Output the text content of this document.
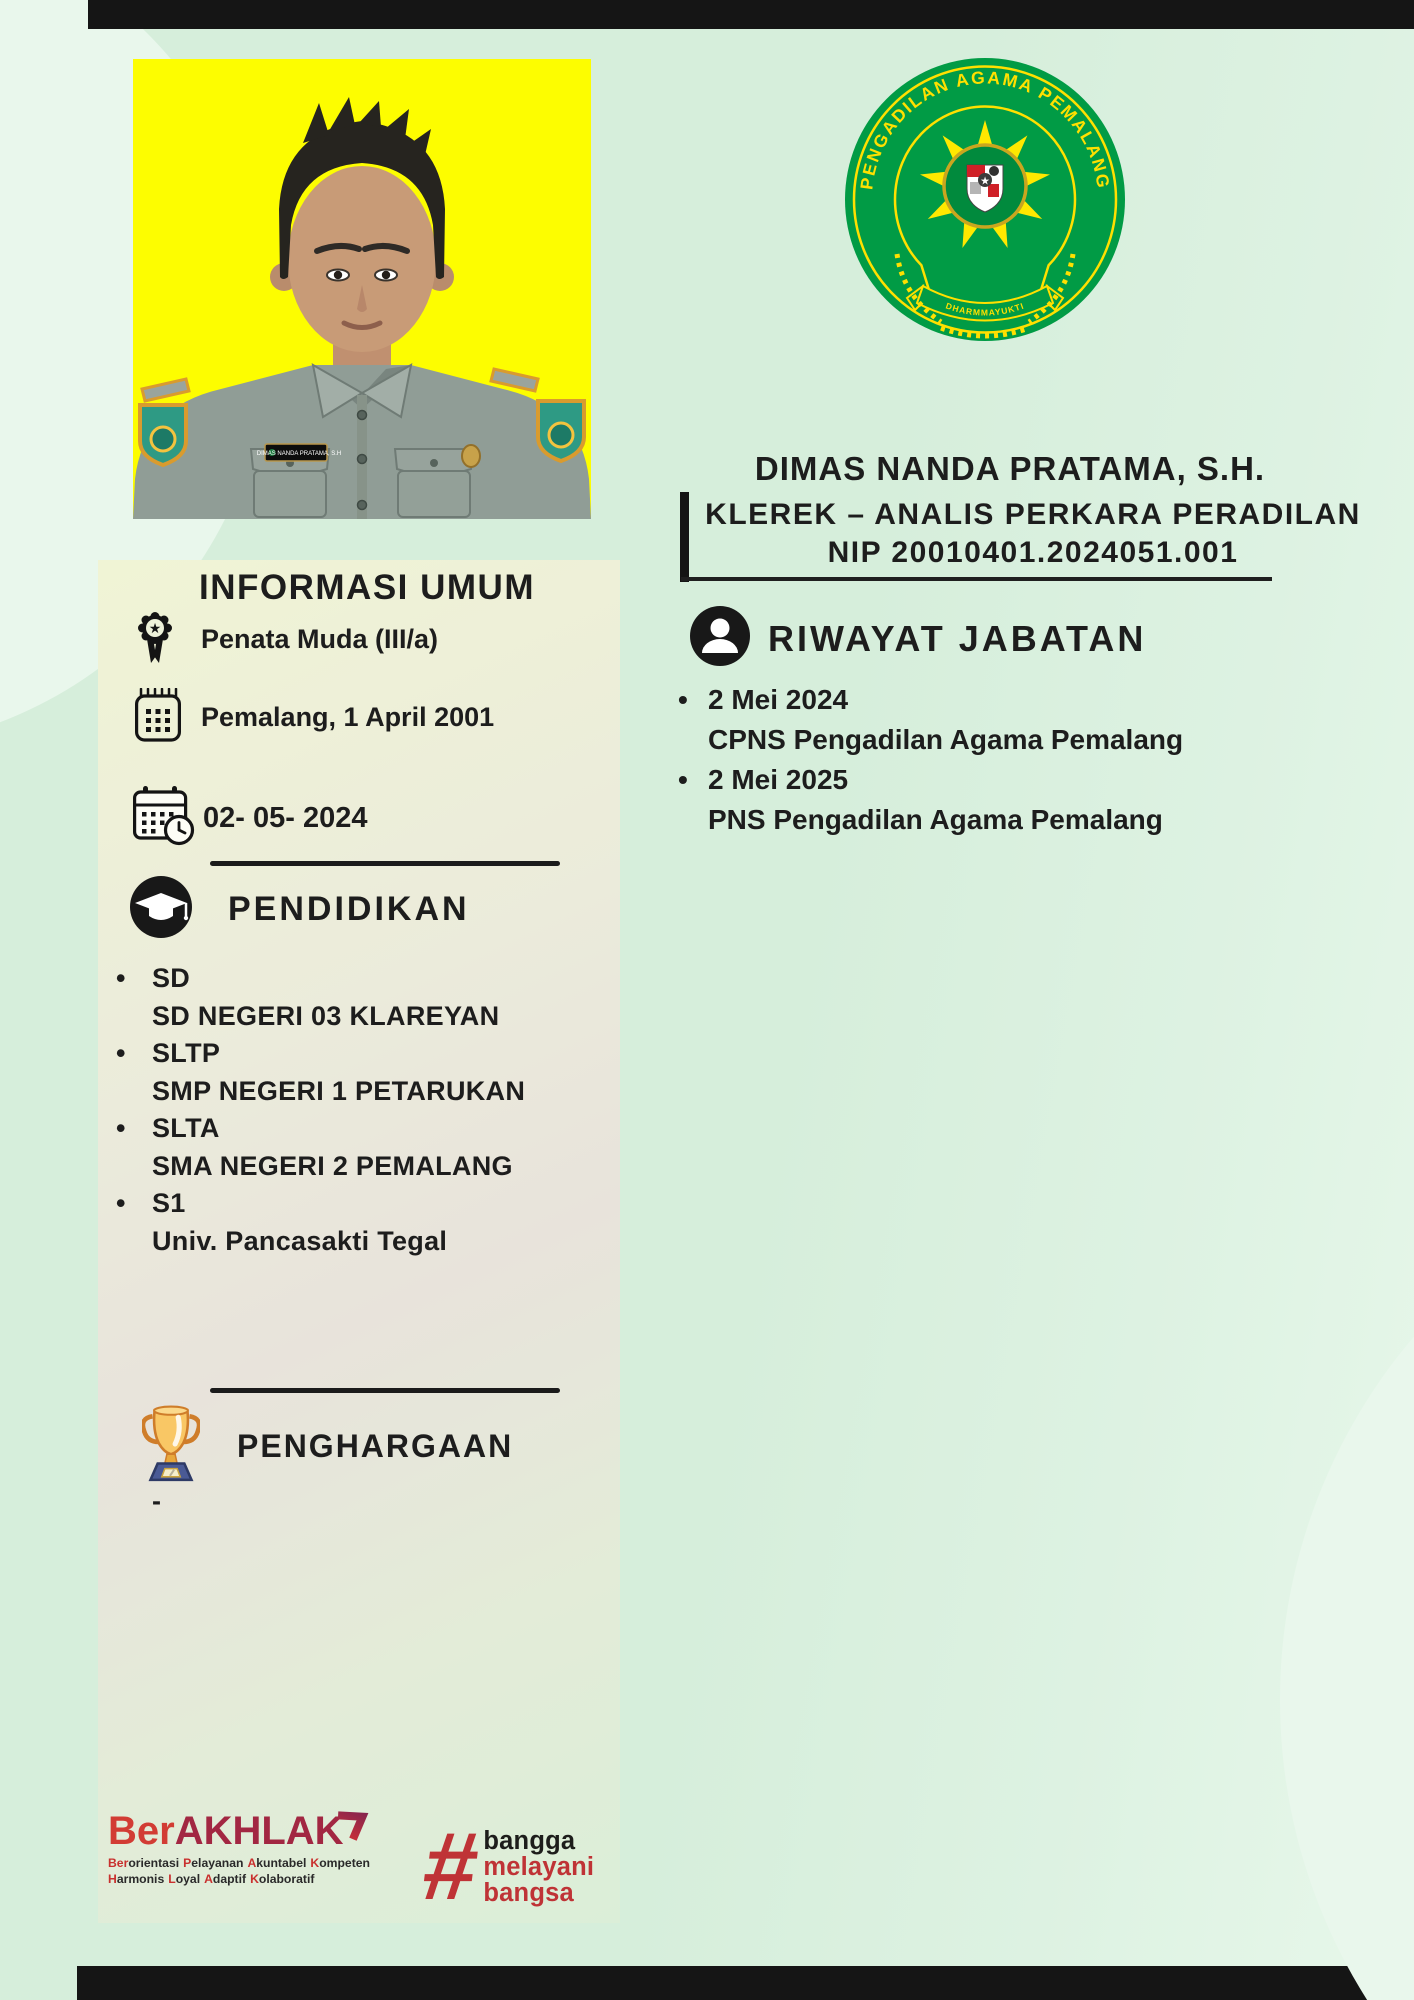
DIMAS NANDA PRATAMA, S.H
PENGADILAN AGAMA PEMALANG
★
DHARMMAYUKTI
DIMAS NANDA PRATAMA, S.H.
KLEREK – ANALIS PERKARA PERADILAN
NIP 20010401.2024051.001
RIWAYAT JABATAN
• 2 Mei 2024
CPNS Pengadilan Agama Pemalang
• 2 Mei 2025
PNS Pengadilan Agama Pemalang
INFORMASI UMUM
★ Penata Muda (III/a)
Pemalang, 1 April 2001
02- 05- 2024
PENDIDIKAN
• SD
SD NEGERI 03 KLAREYAN
• SLTP
SMP NEGERI 1 PETARUKAN
• SLTA
SMA NEGERI 2 PEMALANG
• S1
Univ. Pancasakti Tegal
PENGHARGAAN
-
BerAKHLAK
Berorientasi Pelayanan Akuntabel Kompeten
Harmonis Loyal Adaptif Kolaboratif	# bangga
melayani
bangsa
